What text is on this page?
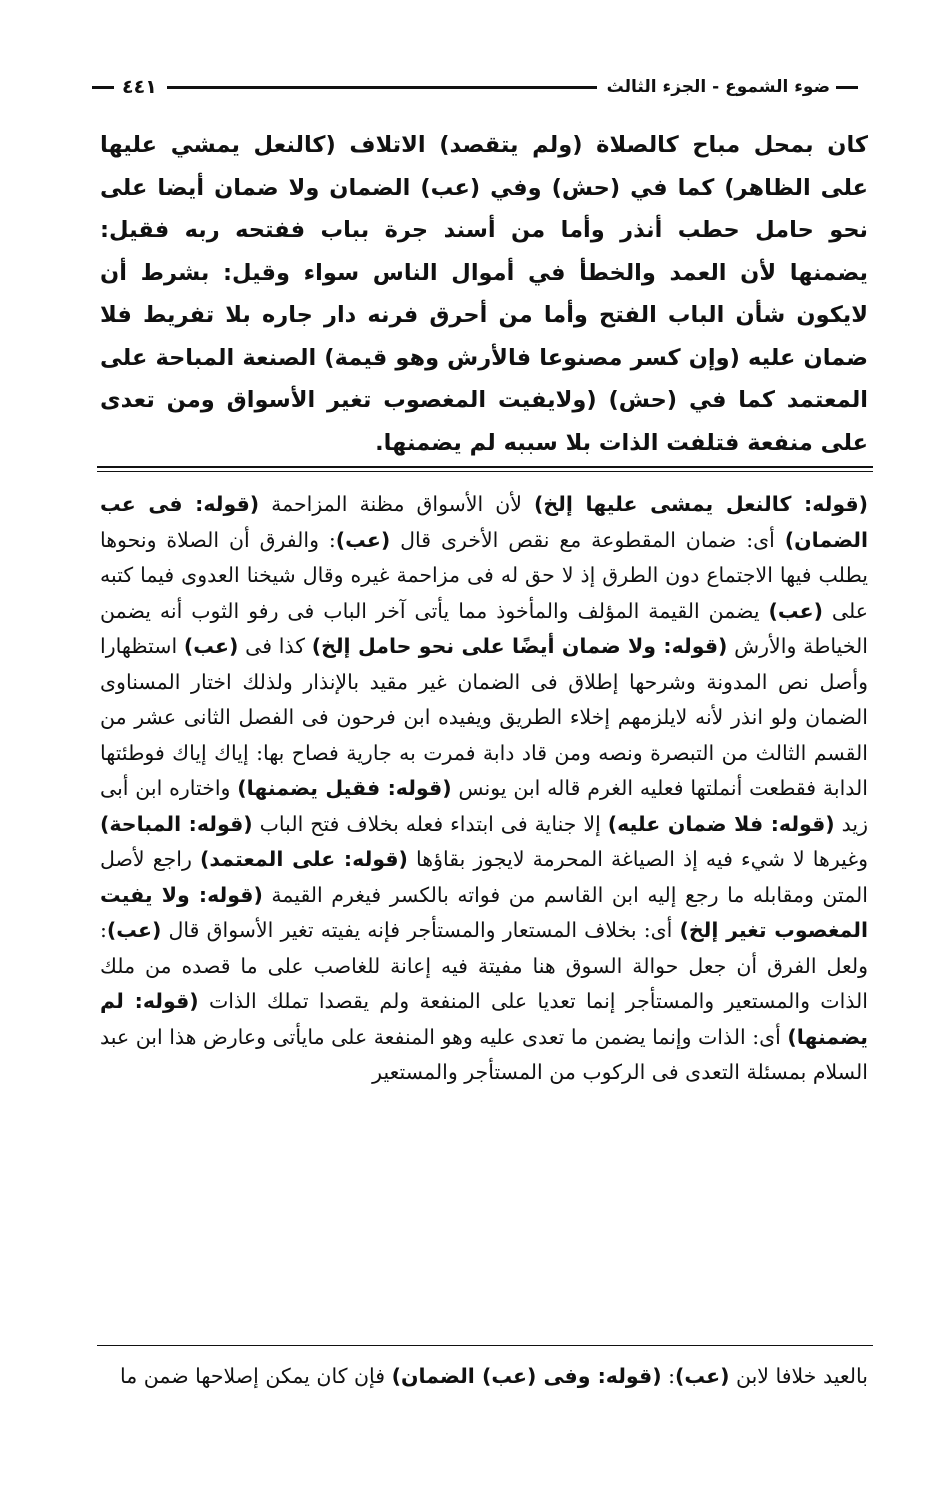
ضوء الشموع - الجزء الثالث
٤٤١
كان بمحل مباح كالصلاة (ولم يتقصد) الاتلاف (كالنعل يمشي عليها على الظاهر) كما في (حش) وفي (عب) الضمان ولا ضمان أيضا على نحو حامل حطب أنذر وأما من أسند جرة بباب ففتحه ربه فقيل: يضمنها لأن العمد والخطأ في أموال الناس سواء وقيل: بشرط أن لايكون شأن الباب الفتح وأما من أحرق فرنه دار جاره بلا تفريط فلا ضمان عليه (وإن كسر مصنوعا فالأرش وهو قيمة) الصنعة المباحة على المعتمد كما في (حش) (ولايفيت المغصوب تغير الأسواق ومن تعدى على منفعة فتلفت الذات بلا سببه لم يضمنها.
(قوله: كالنعل يمشى عليها إلخ) لأن الأسواق مظنة المزاحمة (قوله: فى عب الضمان) أى: ضمان المقطوعة مع نقص الأخرى قال (عب): والفرق أن الصلاة ونحوها يطلب فيها الاجتماع دون الطرق إذ لا حق له فى مزاحمة غيره وقال شيخنا العدوى فيما كتبه على (عب) يضمن القيمة المؤلف والمأخوذ مما يأتى آخر الباب فى رفو الثوب أنه يضمن الخياطة والأرش (قوله: ولا ضمان أيضًا على نحو حامل إلخ) كذا فى (عب) استظهارا وأصل نص المدونة وشرحها إطلاق فى الضمان غير مقيد بالإنذار ولذلك اختار المسناوى الضمان ولو انذر لأنه لايلزمهم إخلاء الطريق ويفيده ابن فرحون فى الفصل الثانى عشر من القسم الثالث من التبصرة ونصه ومن قاد دابة فمرت به جارية فصاح بها: إياك إياك فوطئتها الدابة فقطعت أنملتها فعليه الغرم قاله ابن يونس (قوله: فقيل يضمنها) واختاره ابن أبى زيد (قوله: فلا ضمان عليه) إلا جناية فى ابتداء فعله بخلاف فتح الباب (قوله: المباحة) وغيرها لا شيء فيه إذ الصياغة المحرمة لايجوز بقاؤها (قوله: على المعتمد) راجع لأصل المتن ومقابله ما رجع إليه ابن القاسم من فواته بالكسر فيغرم القيمة (قوله: ولا يفيت المغصوب تغير إلخ) أى: بخلاف المستعار والمستأجر فإنه يفيته تغير الأسواق قال (عب): ولعل الفرق أن جعل حوالة السوق هنا مفيتة فيه إعانة للغاصب على ما قصده من ملك الذات والمستعير والمستأجر إنما تعديا على المنفعة ولم يقصدا تملك الذات (قوله: لم يضمنها) أى: الذات وإنما يضمن ما تعدى عليه وهو المنفعة على مايأتى وعارض هذا ابن عبد السلام بمسئلة التعدى فى الركوب من المستأجر والمستعير
بالعيد خلافا لابن (عب): (قوله: وفى (عب) الضمان) فإن كان يمكن إصلاحها ضمن ما
